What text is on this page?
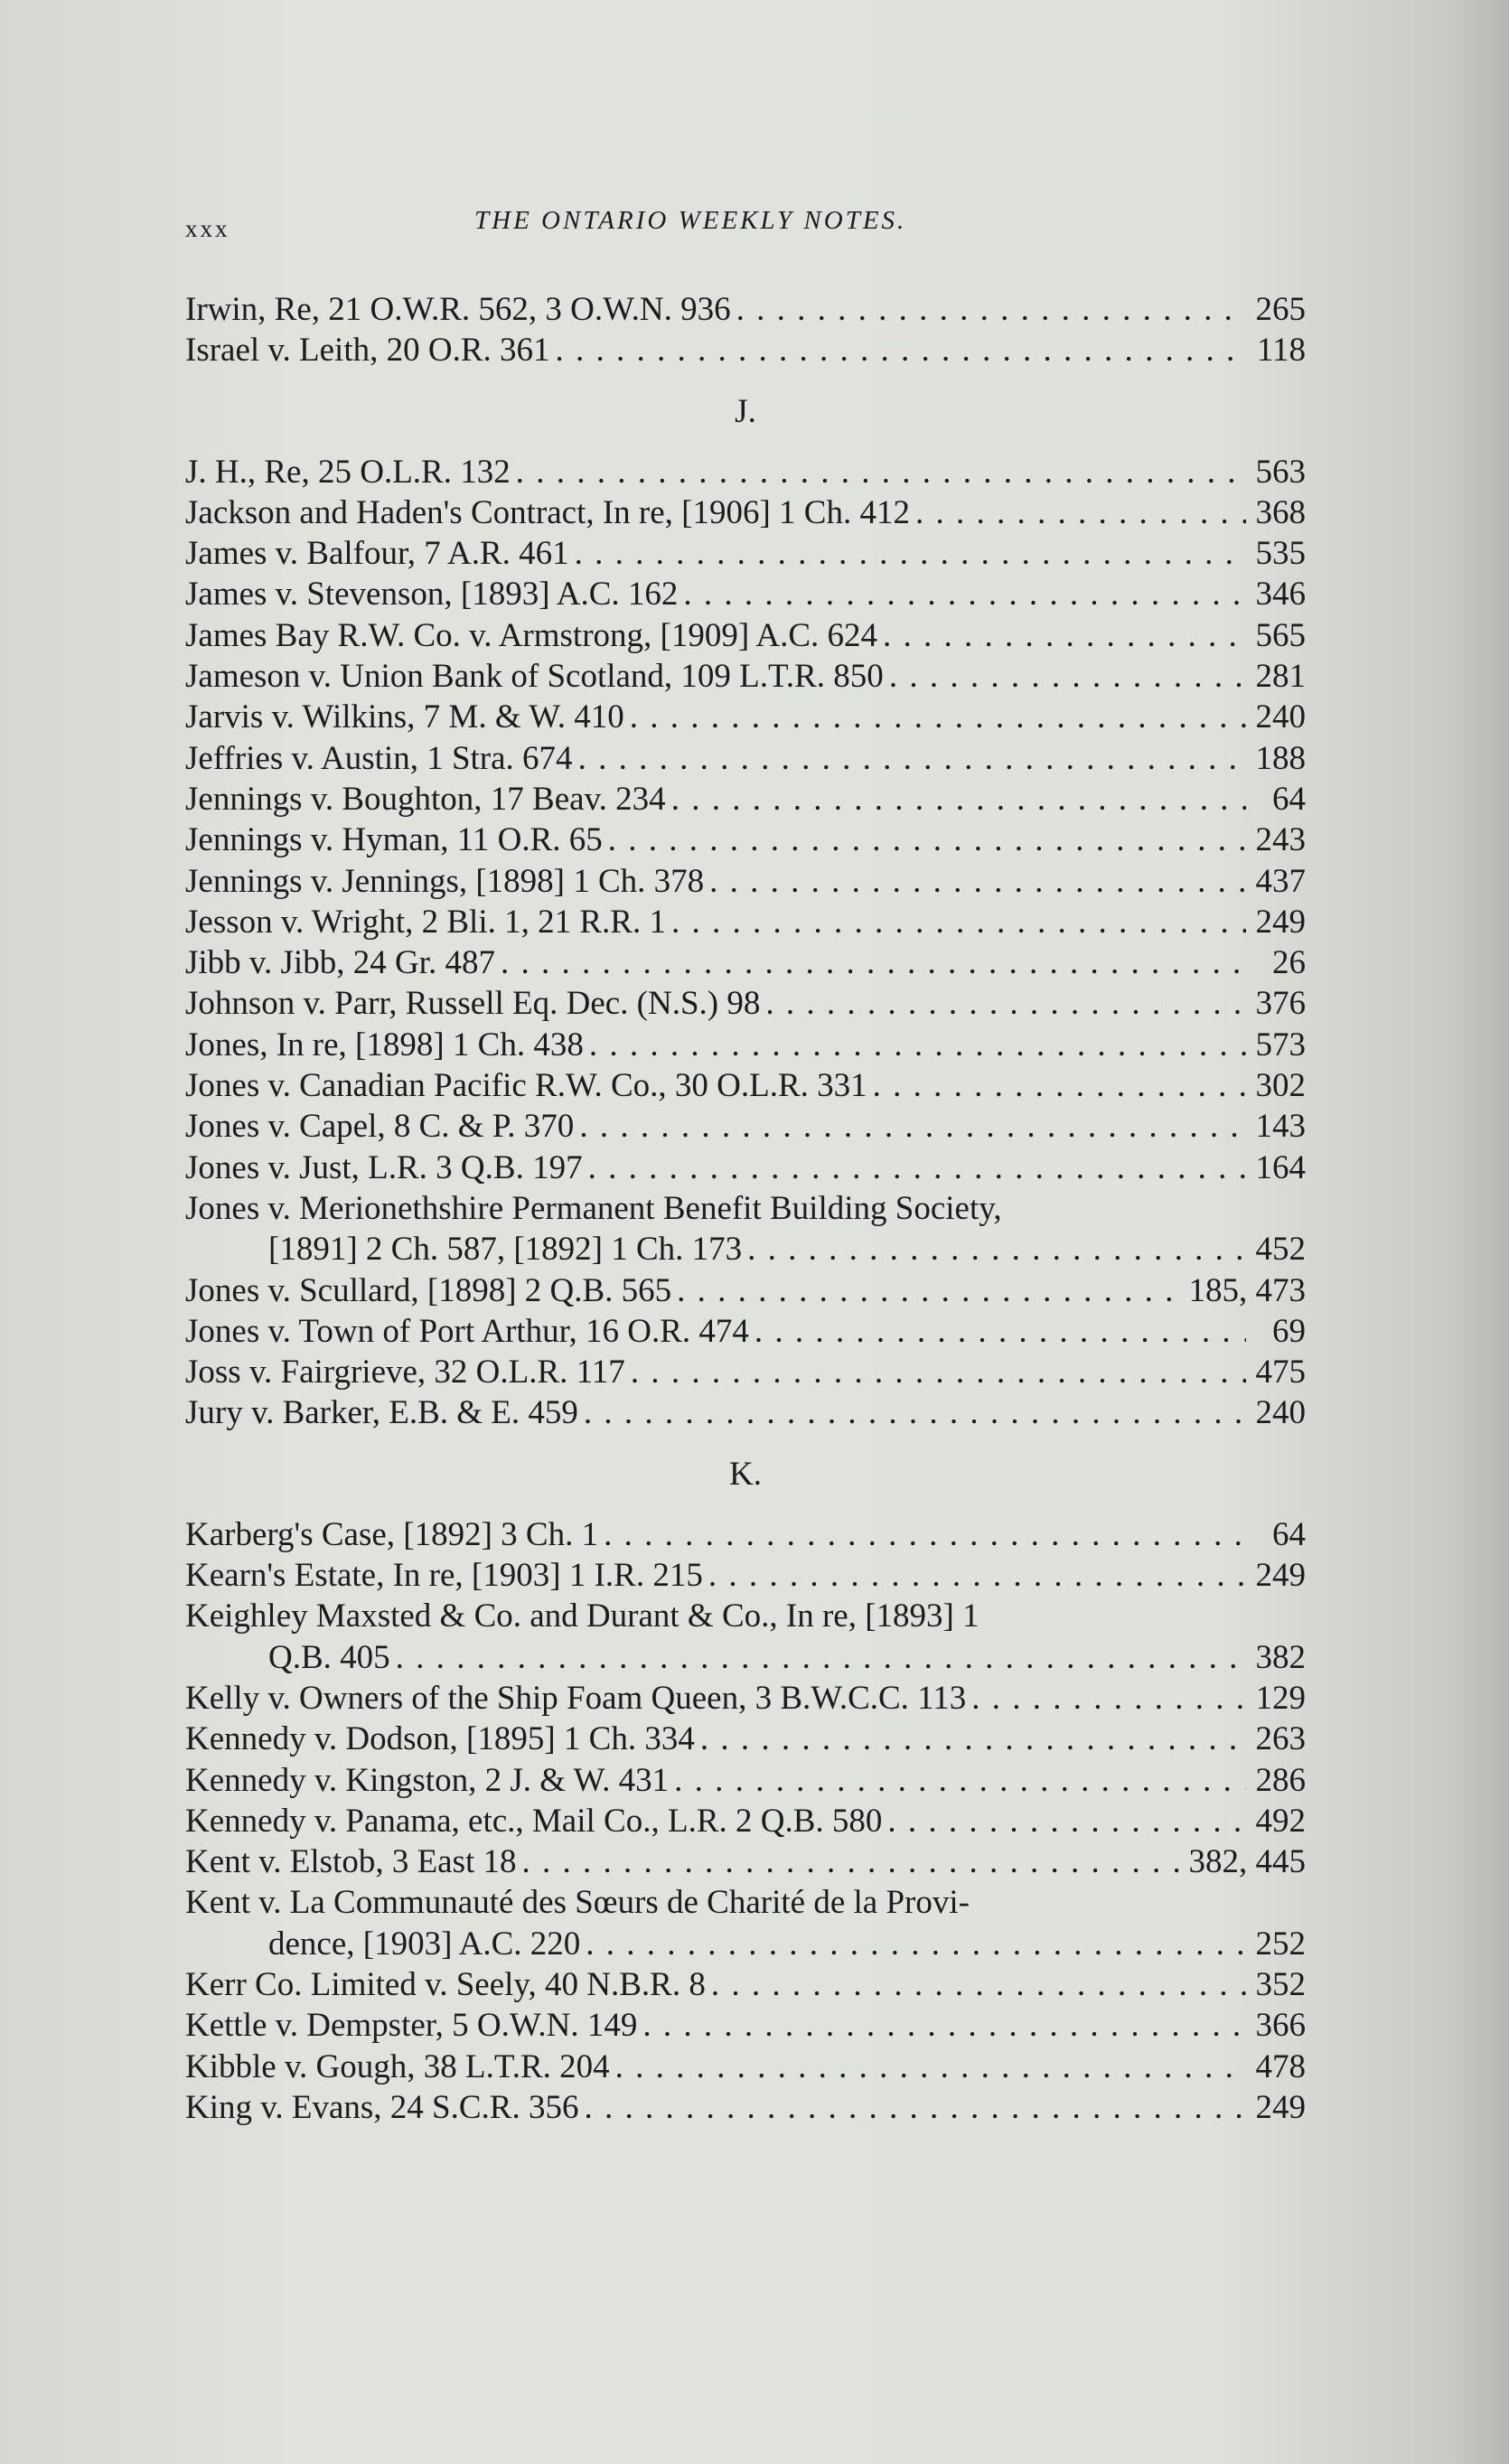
xxx	THE ONTARIO WEEKLY NOTES.
Irwin, Re, 21 O.W.R. 562, 3 O.W.N. 936 . . .	265
Israel v. Leith, 20 O.R. 361 . . .	118
J.
J. H., Re, 25 O.L.R. 132 . . .	563
Jackson and Haden's Contract, In re, [1906] 1 Ch. 412 . . .	368
James v. Balfour, 7 A.R. 461 . . .	535
James v. Stevenson, [1893] A.C. 162 . . .	346
James Bay R.W. Co. v. Armstrong, [1909] A.C. 624 . . .	565
Jameson v. Union Bank of Scotland, 109 L.T.R. 850 . . .	281
Jarvis v. Wilkins, 7 M. & W. 410 . . .	240
Jeffries v. Austin, 1 Stra. 674 . . .	188
Jennings v. Boughton, 17 Beav. 234 . . .	64
Jennings v. Hyman, 11 O.R. 65 . . .	243
Jennings v. Jennings, [1898] 1 Ch. 378 . . .	437
Jesson v. Wright, 2 Bli. 1, 21 R.R. 1 . . .	249
Jibb v. Jibb, 24 Gr. 487 . . .	26
Johnson v. Parr, Russell Eq. Dec. (N.S.) 98 . . .	376
Jones, In re, [1898] 1 Ch. 438 . . .	573
Jones v. Canadian Pacific R.W. Co., 30 O.L.R. 331 . . .	302
Jones v. Capel, 8 C. & P. 370 . . .	143
Jones v. Just, L.R. 3 Q.B. 197 . . .	164
Jones v. Merionethshire Permanent Benefit Building Society,
[1891] 2 Ch. 587, [1892] 1 Ch. 173 . . .	452
Jones v. Scullard, [1898] 2 Q.B. 565 . . .	185, 473
Jones v. Town of Port Arthur, 16 O.R. 474 . . .	69
Joss v. Fairgrieve, 32 O.L.R. 117 . . .	475
Jury v. Barker, E.B. & E. 459 . . .	240
K.
Karberg's Case, [1892] 3 Ch. 1 . . .	64
Kearn's Estate, In re, [1903] 1 I.R. 215 . . .	249
Keighley Maxsted & Co. and Durant & Co., In re, [1893] 1
Q.B. 405 . . .	382
Kelly v. Owners of the Ship Foam Queen, 3 B.W.C.C. 113 . . .	129
Kennedy v. Dodson, [1895] 1 Ch. 334 . . .	263
Kennedy v. Kingston, 2 J. & W. 431 . . .	286
Kennedy v. Panama, etc., Mail Co., L.R. 2 Q.B. 580 . . .	492
Kent v. Elstob, 3 East 18 . . .	382, 445
Kent v. La Communauté des Sœurs de Charité de la Provi-
dence, [1903] A.C. 220 . . .	252
Kerr Co. Limited v. Seely, 40 N.B.R. 8 . . .	352
Kettle v. Dempster, 5 O.W.N. 149 . . .	366
Kibble v. Gough, 38 L.T.R. 204 . . .	478
King v. Evans, 24 S.C.R. 356 . . .	249
